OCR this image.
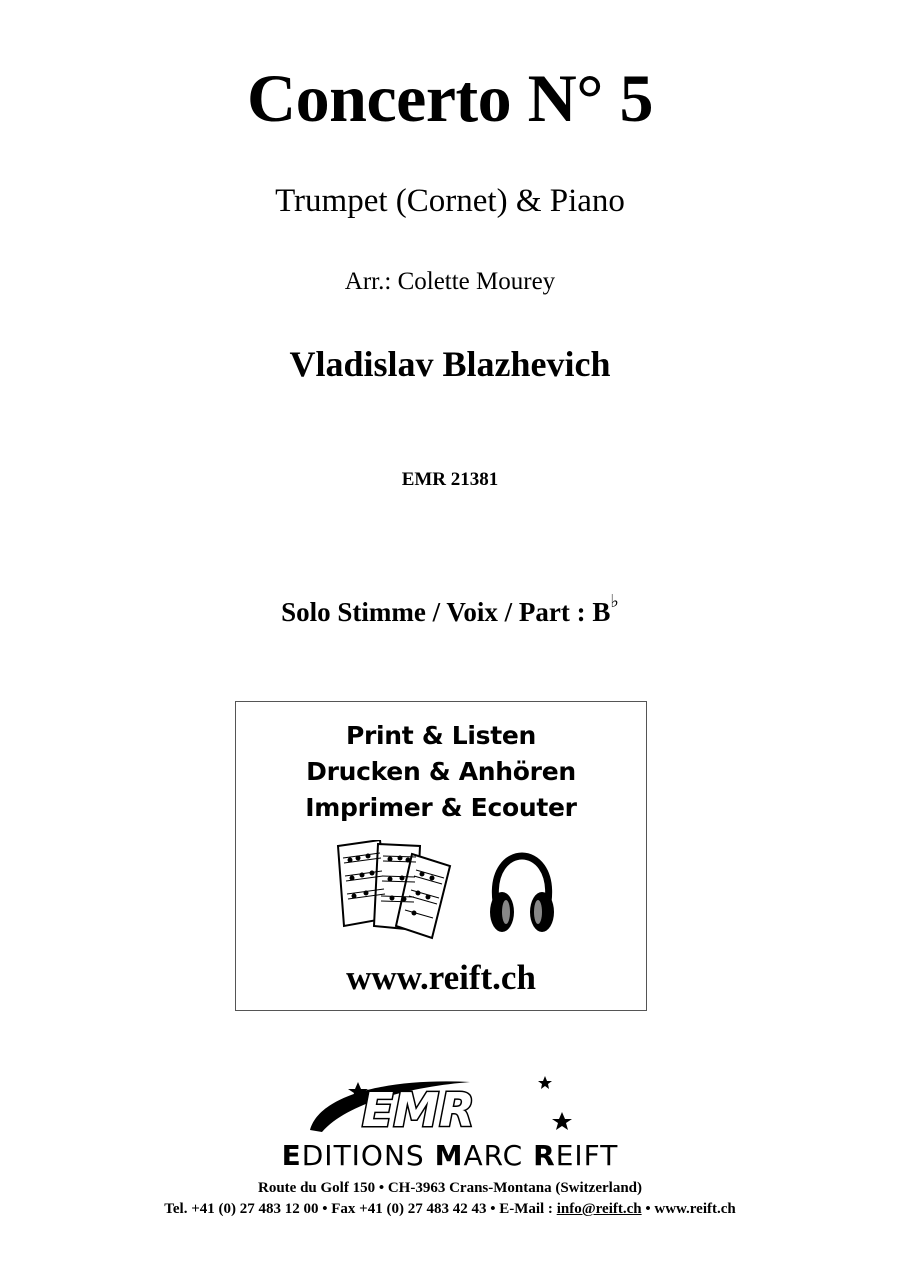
Concerto N° 5
Trumpet (Cornet) & Piano
Arr.: Colette Mourey
Vladislav Blazhevich
EMR 21381
Solo Stimme / Voix / Part : B♭
Print & Listen
Drucken & Anhören
Imprimer & Ecouter
www.reift.ch
EMR
EDITIONS MARC REIFT
Route du Golf 150 • CH-3963 Crans-Montana (Switzerland)
Tel. +41 (0) 27 483 12 00 • Fax +41 (0) 27 483 42 43 • E-Mail : info@reift.ch • www.reift.ch
